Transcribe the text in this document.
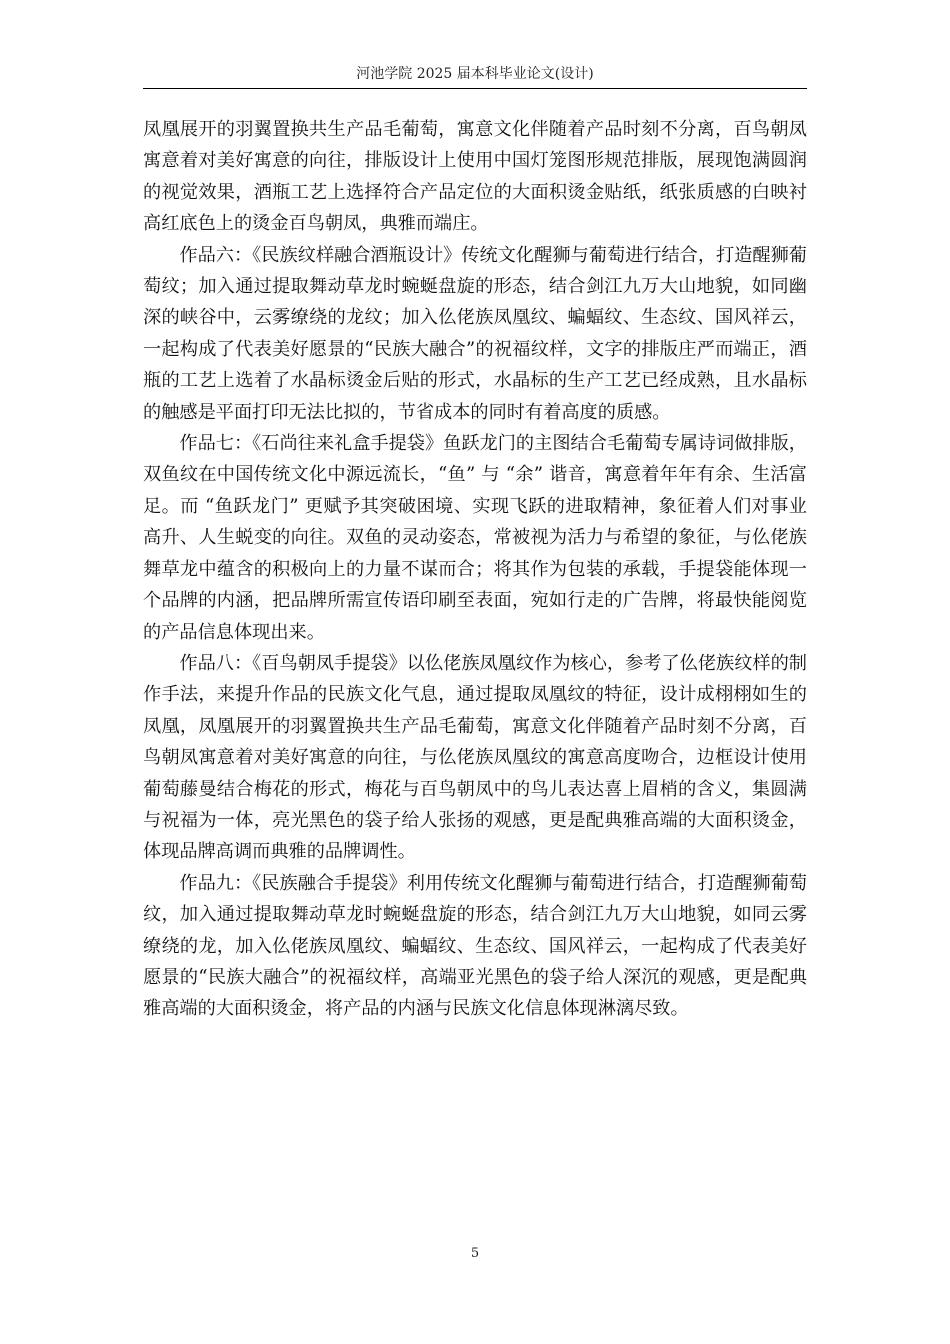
河池学院 2025 届本科毕业论文(设计)

凤凰展开的羽翼置换共生产品毛葡萄，寓意文化伴随着产品时刻不分离，百鸟朝凤寓意着对美好寓意的向往，排版设计上使用中国灯笼图形规范排版，展现饱满圆润的视觉效果，酒瓶工艺上选择符合产品定位的大面积烫金贴纸，纸张质感的白映衬高红底色上的烫金百鸟朝凤，典雅而端庄。

作品六：《民族纹样融合酒瓶设计》传统文化醒狮与葡萄进行结合，打造醒狮葡萄纹；加入通过提取舞动草龙时蜿蜒盘旋的形态，结合剑江九万大山地貌，如同幽深的峡谷中，云雾缭绕的龙纹；加入仫佬族凤凰纹、蝙蝠纹、生态纹、国风祥云，一起构成了代表美好愿景的“民族大融合”的祝福纹样，文字的排版庄严而端正，酒瓶的工艺上选着了水晶标烫金后贴的形式，水晶标的生产工艺已经成熟，且水晶标的触感是平面打印无法比拟的，节省成本的同时有着高度的质感。

作品七：《石尚往来礼盒手提袋》鱼跃龙门的主图结合毛葡萄专属诗词做排版，双鱼纹在中国传统文化中源远流长，“鱼” 与 “余” 谐音，寓意着年年有余、生活富足。而 “鱼跃龙门” 更赋予其突破困境、实现飞跃的进取精神，象征着人们对事业高升、人生蜕变的向往。双鱼的灵动姿态，常被视为活力与希望的象征，与仫佬族舞草龙中蕴含的积极向上的力量不谋而合；将其作为包装的承载，手提袋能体现一个品牌的内涵，把品牌所需宣传语印刷至表面，宛如行走的广告牌，将最快能阅览的产品信息体现出来。

作品八：《百鸟朝凤手提袋》以仫佬族凤凰纹作为核心，参考了仫佬族纹样的制作手法，来提升作品的民族文化气息，通过提取凤凰纹的特征，设计成栩栩如生的凤凰，凤凰展开的羽翼置换共生产品毛葡萄，寓意文化伴随着产品时刻不分离，百鸟朝凤寓意着对美好寓意的向往，与仫佬族凤凰纹的寓意高度吻合，边框设计使用葡萄藤曼结合梅花的形式，梅花与百鸟朝凤中的鸟儿表达喜上眉梢的含义，集圆满与祝福为一体，亮光黑色的袋子给人张扬的观感，更是配典雅高端的大面积烫金，体现品牌高调而典雅的品牌调性。

作品九：《民族融合手提袋》利用传统文化醒狮与葡萄进行结合，打造醒狮葡萄纹，加入通过提取舞动草龙时蜿蜒盘旋的形态，结合剑江九万大山地貌，如同云雾缭绕的龙，加入仫佬族凤凰纹、蝙蝠纹、生态纹、国风祥云，一起构成了代表美好愿景的“民族大融合”的祝福纹样，高端亚光黑色的袋子给人深沉的观感，更是配典雅高端的大面积烫金，将产品的内涵与民族文化信息体现淋漓尽致。

5
